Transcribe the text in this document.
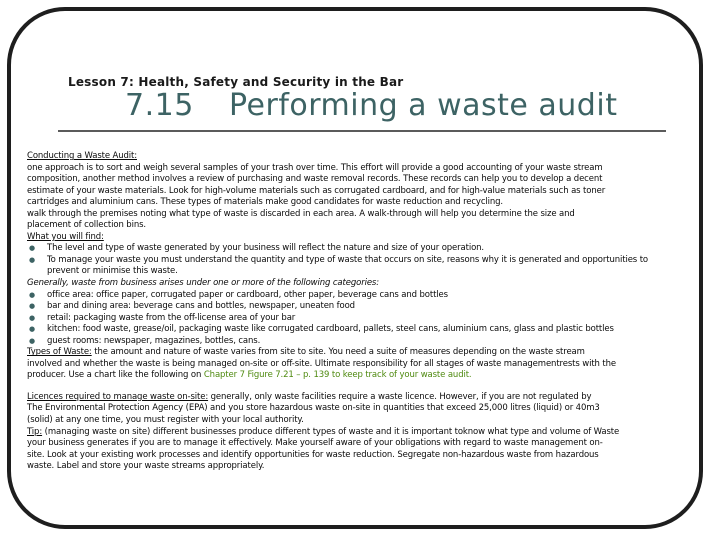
Lesson 7: Health, Safety and Security in the Bar
7.15 Performing a waste audit

Conducting a Waste Audit:

one approach is to sort and weigh several samples of your trash over time. This effort will provide a good accounting of your waste stream

composition, another method involves a review of purchasing and waste removal records. These records can help you to develop a decent

estimate of your waste materials. Look for high-volume materials such as corrugated cardboard, and for high-value materials such as toner

cartridges and aluminium cans. These types of materials make good candidates for waste reduction and recycling.

walk through the premises noting what type of waste is discarded in each area. A walk-through will help you determine the size and

placement of collection bins.

What you will find:

● The level and type of waste generated by your business will reflect the nature and size of your operation.

● To manage your waste you must understand the quantity and type of waste that occurs on site, reasons why it is generated and opportunities to

prevent or minimise this waste.

Generally, waste from business arises under one or more of the following categories:

● office area: office paper, corrugated paper or cardboard, other paper, beverage cans and bottles

● bar and dining area: beverage cans and bottles, newspaper, uneaten food

● retail: packaging waste from the off-license area of your bar

● kitchen: food waste, grease/oil, packaging waste like corrugated cardboard, pallets, steel cans, aluminium cans, glass and plastic bottles

● guest rooms: newspaper, magazines, bottles, cans.

Types of Waste: the amount and nature of waste varies from site to site. You need a suite of measures depending on the waste stream

involved and whether the waste is being managed on-site or off-site. Ultimate responsibility for all stages of waste managementrests with the

producer. Use a chart like the following on Chapter 7 Figure 7.21 – p. 139 to keep track of your waste audit.

Licences required to manage waste on-site: generally, only waste facilities require a waste licence. However, if you are not regulated by

The Environmental Protection Agency (EPA) and you store hazardous waste on-site in quantities that exceed 25,000 litres (liquid) or 40m3

(solid) at any one time, you must register with your local authority.

Tip: (managing waste on site) different businesses produce different types of waste and it is important toknow what type and volume of Waste

your business generates if you are to manage it effectively. Make yourself aware of your obligations with regard to waste management on-

site. Look at your existing work processes and identify opportunities for waste reduction. Segregate non-hazardous waste from hazardous

waste. Label and store your waste streams appropriately.
